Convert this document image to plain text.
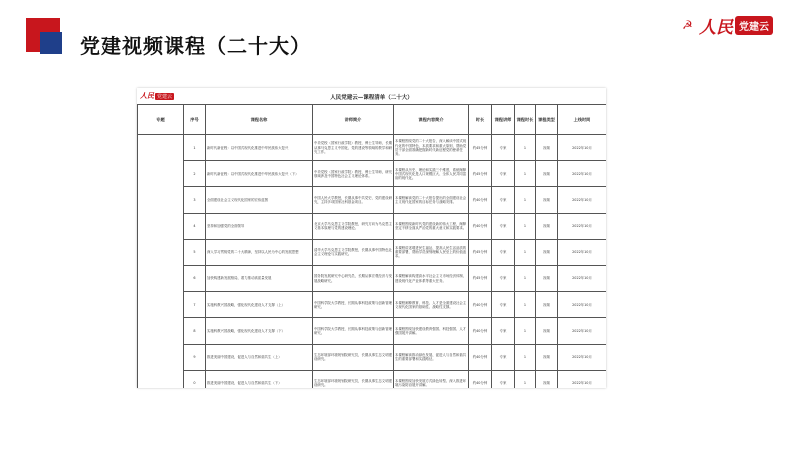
党建视频课程（二十大）
☭ 人民 党建云
人民 党建云	人民党建云—课程清单（二十大）
专题	序号	课程名称	讲师简介	课程内容简介	时长	课程讲师	课程时长	课程类型	上线时间
	1	新时代新征程：以中国式现代化推进中华民族伟大复兴	中央党校（国家行政学院）教授，博士生导师，长期从事马克思主义中国化、党的建设等领域的教学和研究工作。	本课程围绕党的二十大报告，深入解读中国式现代化的中国特色、本质要求和重大原则，帮助党员干部全面准确把握新时代新征程党的使命任务。	约45分钟	专家	1	视频	2022年10月
	2	新时代新征程：以中国式现代化推进中华民族伟大复兴（下）	中央党校（国家行政学院）教授，博士生导师，研究领域涉及中国特色社会主义理论体系。	本课程从历史、理论和实践三个维度，系统阐释中国式现代化是人口规模巨大、全体人民共同富裕的现代化。	约45分钟	专家	1	视频	2022年10月
	3	全面建设社会主义现代化国家的宏伟蓝图	中国人民大学教授，长期从事中共党史、党的建设研究，主持多项国家社科基金项目。	本课程解读党的二十大报告提出的全面建设社会主义现代化国家的目标任务与战略安排。	约40分钟	专家	1	视频	2022年10月
	4	坚持和加强党的全面领导	北京大学马克思主义学院教授，研究方向为马克思主义基本原理与党的建设理论。	本课程围绕新时代党的建设新的伟大工程，阐释坚定不移全面从严治党的重大意义和实践要求。	约40分钟	专家	1	视频	2022年10月
	5	深入学习贯彻党的二十大精神，坚持以人民为中心的发展思想	清华大学马克思主义学院教授，长期从事中国特色社会主义理论与实践研究。	本课程讲述增进民生福祉、提高人民生活品质的重要部署，帮助学员深刻理解人民至上的价值追求。	约45分钟	专家	1	视频	2022年10月
	6	加快构建新发展格局，着力推动高质量发展	国务院发展研究中心研究员，长期从事宏观经济与发展战略研究。	本课程解读构建高水平社会主义市场经济体制、建设现代化产业体系等重大任务。	约45分钟	专家	1	视频	2022年10月
	7	实施科教兴国战略，强化现代化建设人才支撑（上）	中国科学院大学教授，长期从事科技政策与创新管理研究。	本课程阐释教育、科技、人才是全面建设社会主义现代化国家的基础性、战略性支撑。	约40分钟	专家	1	视频	2022年10月
	8	实施科教兴国战略，强化现代化建设人才支撑（下）	中国科学院大学教授，长期从事科技政策与创新管理研究。	本课程围绕加快建设教育强国、科技强国、人才强国展开讲解。	约40分钟	专家	1	视频	2022年10月
	9	推进美丽中国建设，促进人与自然和谐共生（上）	生态环境部环境规划院研究员，长期从事生态文明建设研究。	本课程解读推动绿色发展、促进人与自然和谐共生的重要部署和实践路径。	约40分钟	专家	1	视频	2022年10月
	0	推进美丽中国建设，促进人与自然和谐共生（下）	生态环境部环境规划院研究员，长期从事生态文明建设研究。	本课程围绕加快发展方式绿色转型、深入推进环境污染防治展开讲解。	约40分钟	专家	1	视频	2022年10月
